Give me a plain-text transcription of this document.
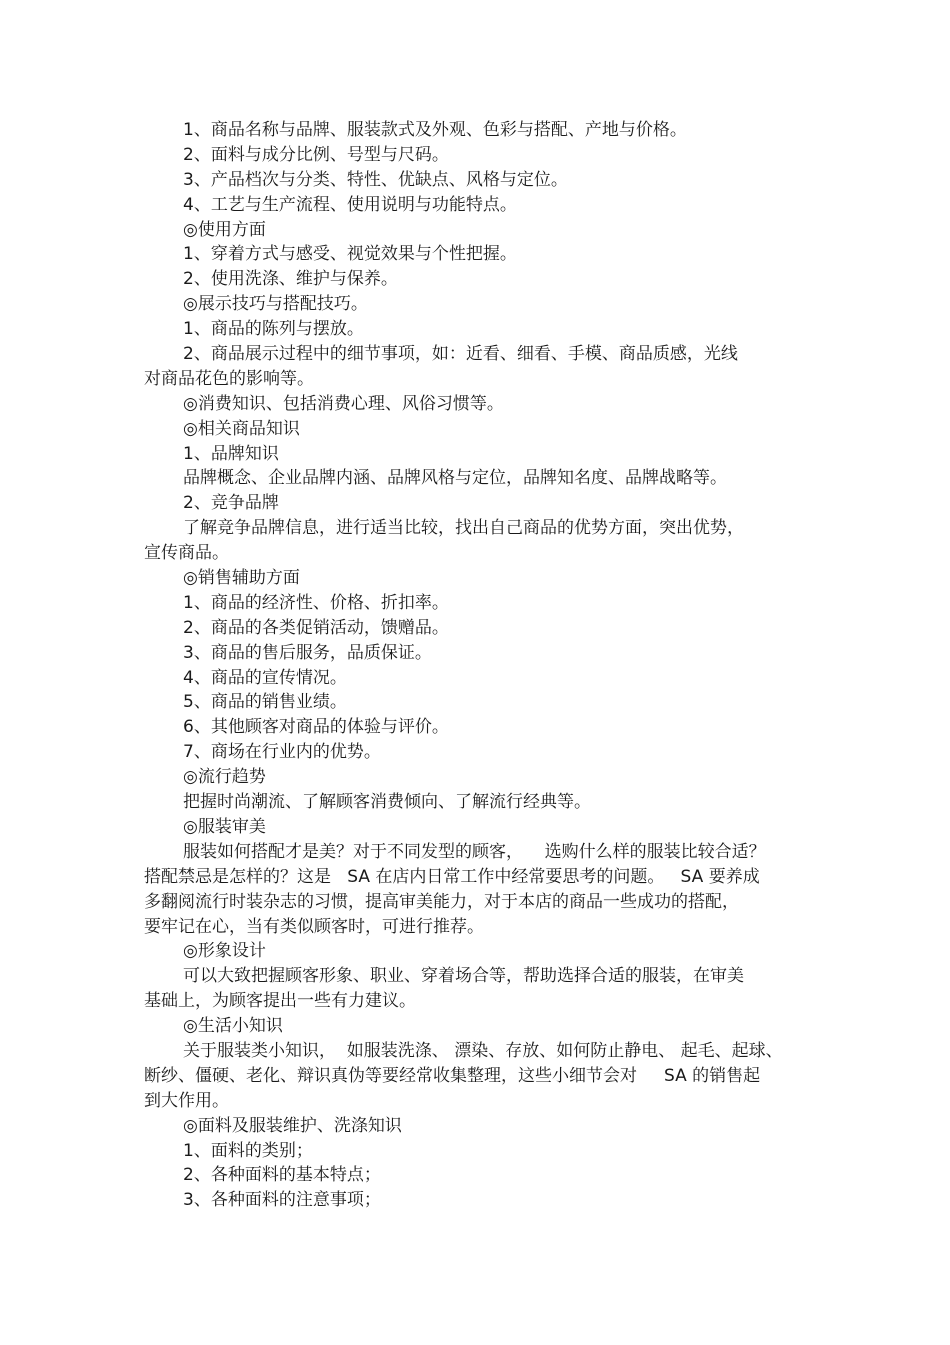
1、商品名称与品牌、服装款式及外观、色彩与搭配、产地与价格。

2、面料与成分比例、号型与尺码。

3、产品档次与分类、特性、优缺点、风格与定位。

4、工艺与生产流程、使用说明与功能特点。

◎使用方面

1、穿着方式与感受、视觉效果与个性把握。

2、使用洗涤、维护与保养。

◎展示技巧与搭配技巧。

1、商品的陈列与摆放。

2、商品展示过程中的细节事项，如：近看、细看、手模、商品质感，光线

对商品花色的影响等。

◎消费知识、包括消费心理、风俗习惯等。

◎相关商品知识

1、品牌知识

品牌概念、企业品牌内涵、品牌风格与定位，品牌知名度、品牌战略等。

2、竞争品牌

了解竞争品牌信息，进行适当比较，找出自己商品的优势方面，突出优势，

宣传商品。

◎销售辅助方面

1、商品的经济性、价格、折扣率。

2、商品的各类促销活动，馈赠品。

3、商品的售后服务，品质保证。

4、商品的宣传情况。

5、商品的销售业绩。

6、其他顾客对商品的体验与评价。

7、商场在行业内的优势。

◎流行趋势

把握时尚潮流、了解顾客消费倾向、了解流行经典等。

◎服装审美

服装如何搭配才是美？对于不同发型的顾客，    选购什么样的服装比较合适？

搭配禁忌是怎样的？这是   SA 在店内日常工作中经常要思考的问题。   SA 要养成

多翻阅流行时装杂志的习惯，提高审美能力，对于本店的商品一些成功的搭配，

要牢记在心，当有类似顾客时，可进行推荐。

◎形象设计

可以大致把握顾客形象、职业、穿着场合等，帮助选择合适的服装，在审美

基础上，为顾客提出一些有力建议。

◎生活小知识

关于服装类小知识，  如服装洗涤、 漂染、存放、如何防止静电、 起毛、起球、

断纱、僵硬、老化、辩识真伪等要经常收集整理，这些小细节会对     SA 的销售起

到大作用。

◎面料及服装维护、洗涤知识

1、面料的类别；

2、各种面料的基本特点；

3、各种面料的注意事项；
